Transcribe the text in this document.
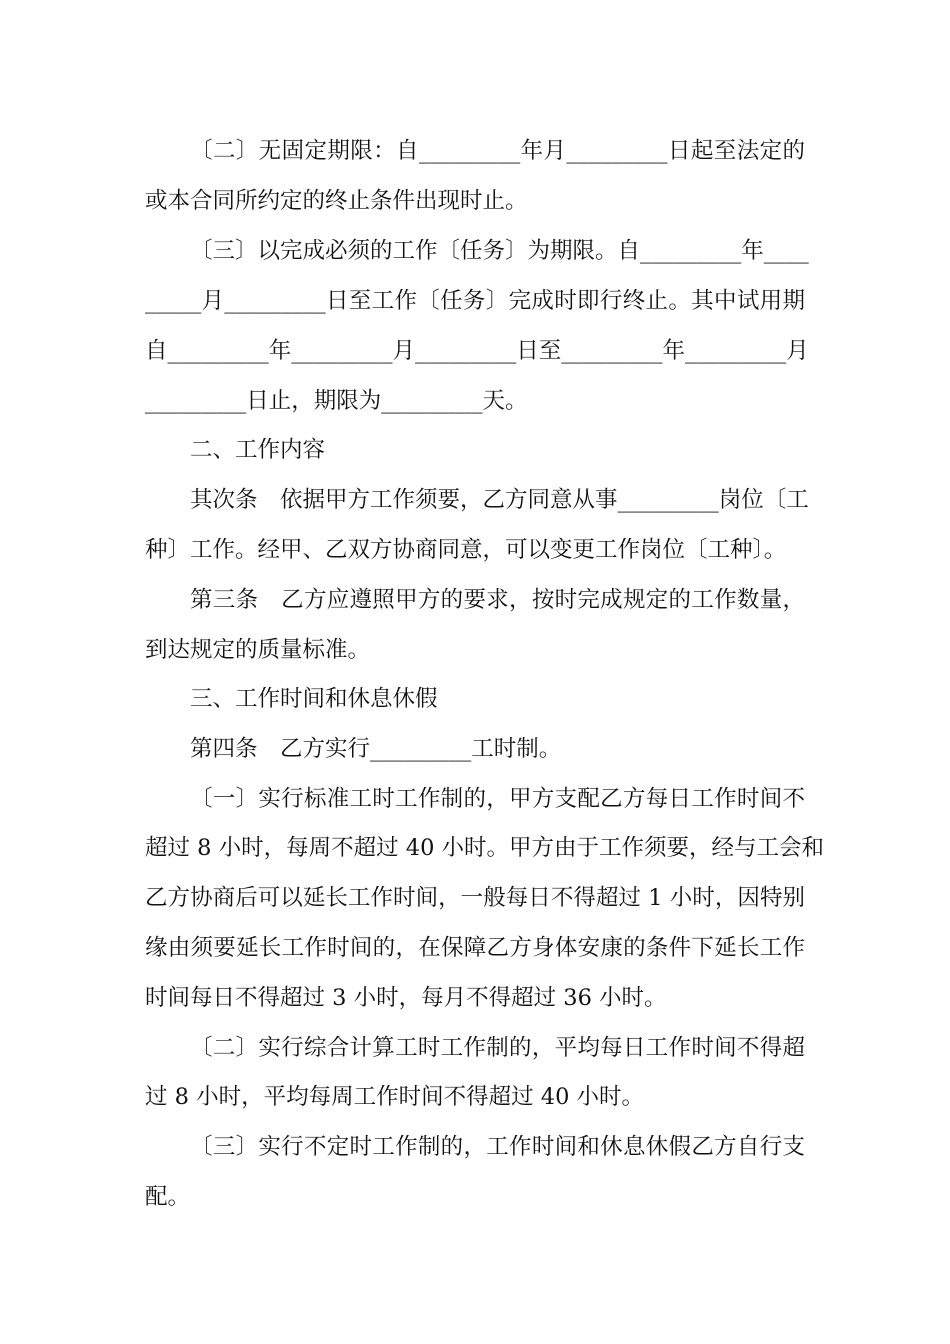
〔二〕无固定期限：自_________年月_________日起至法定的
或本合同所约定的终止条件出现时止。
〔三〕以完成必须的工作〔任务〕为期限。自_________年____
_____月_________日至工作〔任务〕完成时即行终止。其中试用期
自_________年_________月_________日至_________年_________月
_________日止，期限为_________天。
二、工作内容
其次条　依据甲方工作须要，乙方同意从事_________岗位〔工
种〕工作。经甲、乙双方协商同意，可以变更工作岗位〔工种〕。
第三条　乙方应遵照甲方的要求，按时完成规定的工作数量，
到达规定的质量标准。
三、工作时间和休息休假
第四条　乙方实行_________工时制。
〔一〕实行标准工时工作制的，甲方支配乙方每日工作时间不
超过 8 小时，每周不超过 40 小时。甲方由于工作须要，经与工会和
乙方协商后可以延长工作时间，一般每日不得超过 1 小时，因特别
缘由须要延长工作时间的，在保障乙方身体安康的条件下延长工作
时间每日不得超过 3 小时，每月不得超过 36 小时。
〔二〕实行综合计算工时工作制的，平均每日工作时间不得超
过 8 小时，平均每周工作时间不得超过 40 小时。
〔三〕实行不定时工作制的，工作时间和休息休假乙方自行支
配。
